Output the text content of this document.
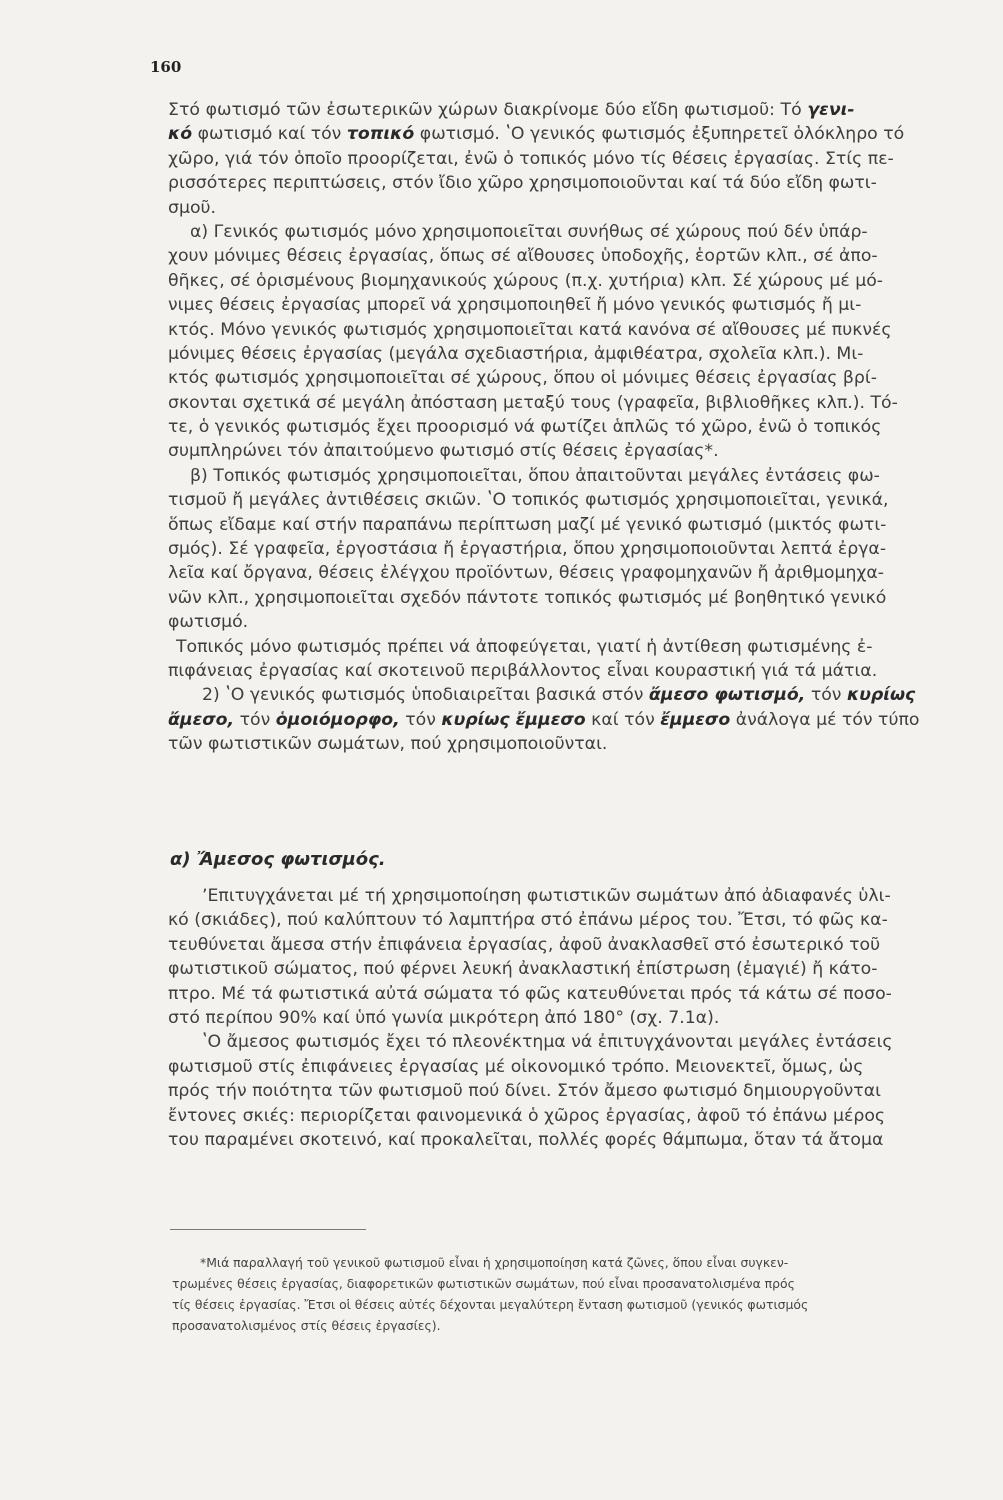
160
Στό φωτισμό τῶν ἐσωτερικῶν χώρων διακρίνομε δύο εἴδη φωτισμοῦ: Τό γενι-
κό φωτισμό καί τόν τοπικό φωτισμό. ʽΟ γενικός φωτισμός ἐξυπηρετεῖ ὁλόκληρο τό
χῶρο, γιά τόν ὁποῖο προορίζεται, ἐνῶ ὁ τοπικός μόνο τίς θέσεις ἐργασίας. Στίς πε-
ρισσότερες περιπτώσεις, στόν ἴδιο χῶρο χρησιμοποιοῦνται καί τά δύο εἴδη φωτι-
σμοῦ.
α) Γενικός φωτισμός μόνο χρησιμοποιεῖται συνήθως σέ χώρους πού δέν ὑπάρ-
χουν μόνιμες θέσεις ἐργασίας, ὅπως σέ αἴθουσες ὑποδοχῆς, ἑορτῶν κλπ., σέ ἀπο-
θῆκες, σέ ὁρισμένους βιομηχανικούς χώρους (π.χ. χυτήρια) κλπ. Σέ χώρους μέ μό-
νιμες θέσεις ἐργασίας μπορεῖ νά χρησιμοποιηθεῖ ἤ μόνο γενικός φωτισμός ἤ μι-
κτός. Μόνο γενικός φωτισμός χρησιμοποιεῖται κατά κανόνα σέ αἴθουσες μέ πυκνές
μόνιμες θέσεις ἐργασίας (μεγάλα σχεδιαστήρια, ἀμφιθέατρα, σχολεῖα κλπ.). Μι-
κτός φωτισμός χρησιμοποιεῖται σέ χώρους, ὅπου οἱ μόνιμες θέσεις ἐργασίας βρί-
σκονται σχετικά σέ μεγάλη ἀπόσταση μεταξύ τους (γραφεῖα, βιβλιοθῆκες κλπ.). Τό-
τε, ὁ γενικός φωτισμός ἔχει προορισμό νά φωτίζει ἁπλῶς τό χῶρο, ἐνῶ ὁ τοπικός
συμπληρώνει τόν ἀπαιτούμενο φωτισμό στίς θέσεις ἐργασίας*.
β) Τοπικός φωτισμός χρησιμοποιεῖται, ὅπου ἀπαιτοῦνται μεγάλες ἐντάσεις φω-
τισμοῦ ἤ μεγάλες ἀντιθέσεις σκιῶν. ʽΟ τοπικός φωτισμός χρησιμοποιεῖται, γενικά,
ὅπως εἴδαμε καί στήν παραπάνω περίπτωση μαζί μέ γενικό φωτισμό (μικτός φωτι-
σμός). Σέ γραφεῖα, ἐργοστάσια ἤ ἐργαστήρια, ὅπου χρησιμοποιοῦνται λεπτά ἐργα-
λεῖα καί ὄργανα, θέσεις ἐλέγχου προϊόντων, θέσεις γραφομηχανῶν ἤ ἀριθμομηχα-
νῶν κλπ., χρησιμοποιεῖται σχεδόν πάντοτε τοπικός φωτισμός μέ βοηθητικό γενικό
φωτισμό.
Τοπικός μόνο φωτισμός πρέπει νά ἀποφεύγεται, γιατί ἡ ἀντίθεση φωτισμένης ἐ-
πιφάνειας ἐργασίας καί σκοτεινοῦ περιβάλλοντος εἶναι κουραστική γιά τά μάτια.
2) ʽΟ γενικός φωτισμός ὑποδιαιρεῖται βασικά στόν ἄμεσο φωτισμό, τόν κυρίως
ἄμεσο, τόν ὁμοιόμορφο, τόν κυρίως ἔμμεσο καί τόν ἔμμεσο ἀνάλογα μέ τόν τύπο
τῶν φωτιστικῶν σωμάτων, πού χρησιμοποιοῦνται.
α) Ἄμεσος φωτισμός.
ʼΕπιτυγχάνεται μέ τή χρησιμοποίηση φωτιστικῶν σωμάτων ἀπό ἀδιαφανές ὑλι-
κό (σκιάδες), πού καλύπτουν τό λαμπτήρα στό ἐπάνω μέρος του. Ἔτσι, τό φῶς κα-
τευθύνεται ἄμεσα στήν ἐπιφάνεια ἐργασίας, ἀφοῦ ἀνακλασθεῖ στό ἐσωτερικό τοῦ
φωτιστικοῦ σώματος, πού φέρνει λευκή ἀνακλαστική ἐπίστρωση (ἐμαγιέ) ἤ κάτο-
πτρο. Μέ τά φωτιστικά αὐτά σώματα τό φῶς κατευθύνεται πρός τά κάτω σέ ποσο-
στό περίπου 90% καί ὑπό γωνία μικρότερη ἀπό 180° (σχ. 7.1α).
ʽΟ ἄμεσος φωτισμός ἔχει τό πλεονέκτημα νά ἐπιτυγχάνονται μεγάλες ἐντάσεις
φωτισμοῦ στίς ἐπιφάνειες ἐργασίας μέ οἰκονομικό τρόπο. Μειονεκτεῖ, ὅμως, ὡς
πρός τήν ποιότητα τῶν φωτισμοῦ πού δίνει. Στόν ἄμεσο φωτισμό δημιουργοῦνται
ἔντονες σκιές: περιορίζεται φαινομενικά ὁ χῶρος ἐργασίας, ἀφοῦ τό ἐπάνω μέρος
του παραμένει σκοτεινό, καί προκαλεῖται, πολλές φορές θάμπωμα, ὅταν τά ἄτομα
*Μιά παραλλαγή τοῦ γενικοῦ φωτισμοῦ εἶναι ἡ χρησιμοποίηση κατά ζῶνες, ὅπου εἶναι συγκεν-
τρωμένες θέσεις ἐργασίας, διαφορετικῶν φωτιστικῶν σωμάτων, πού εἶναι προσανατολισμένα πρός
τίς θέσεις ἐργασίας. Ἔτσι οἱ θέσεις αὐτές δέχονται μεγαλύτερη ἔνταση φωτισμοῦ (γενικός φωτισμός
προσανατολισμένος στίς θέσεις ἐργασίες).
